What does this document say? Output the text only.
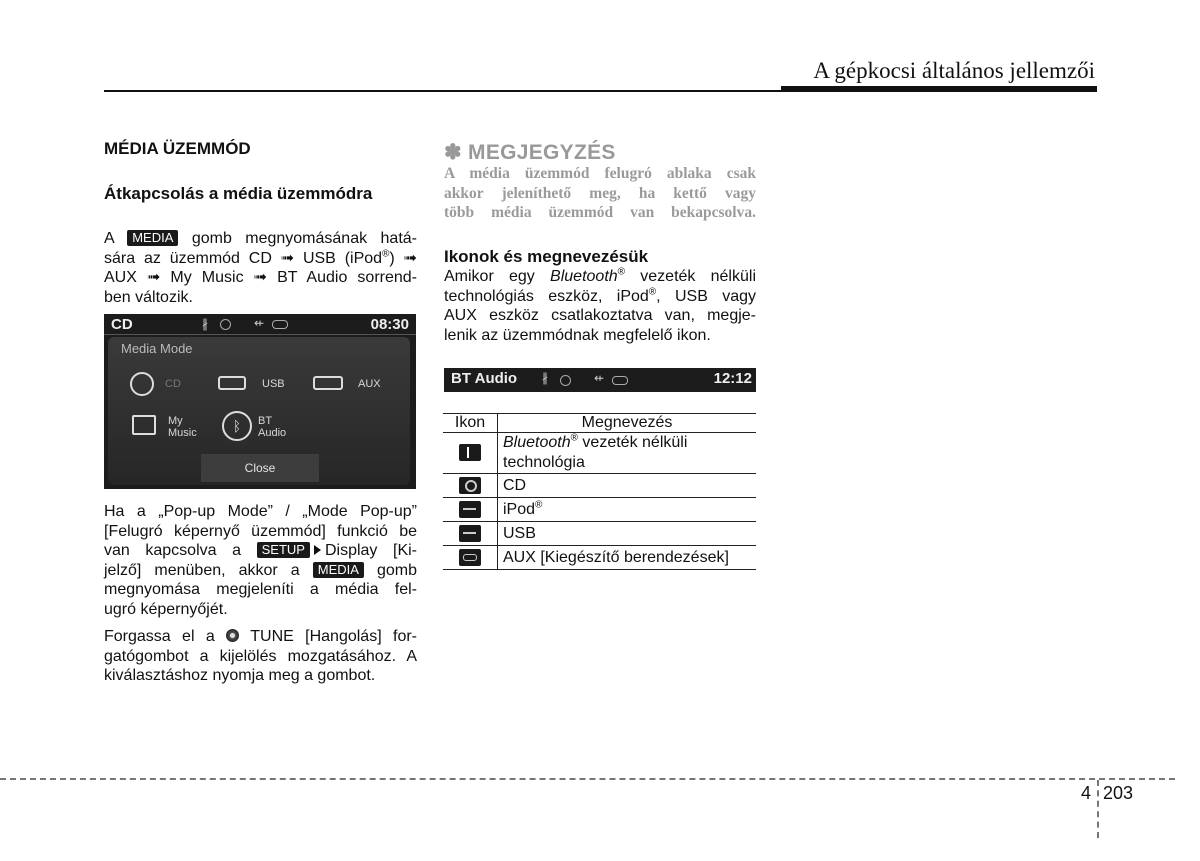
A gépkocsi általános jellemzői
MÉDIA ÜZEMMÓD
Átkapcsolás a média üzemmódra
A MEDIA gomb megnyomásának hatá-
sára az üzemmód CD ➟ USB (iPod®) ➟
AUX ➟ My Music ➟ BT Audio sorrend-
ben változik.
CD	∦	⇷	08:30
Media Mode
CD	USB	AUX
My
Music	ᛒ	BT
Audio
Close
Ha a „Pop-up Mode” / „Mode Pop-up”
[Felugró képernyő üzemmód] funkció be
van kapcsolva a SETUP Display [Ki-
jelző] menüben, akkor a MEDIA gomb
megnyomása megjeleníti a média fel-
ugró képernyőjét.
Forgassa el a TUNE [Hangolás] for-
gatógombot a kijelölés mozgatásához. A
kiválasztáshoz nyomja meg a gombot.
✽ MEGJEGYZÉS
A média üzemmód felugró ablaka csak
akkor jeleníthető meg, ha kettő vagy
több média üzemmód van bekapcsolva.
Ikonok és megnevezésük
Amikor egy Bluetooth® vezeték nélküli
technológiás eszköz, iPod®, USB vagy
AUX eszköz csatlakoztatva van, megje-
lenik az üzemmódnak megfelelő ikon.
BT Audio ∦	⇷	12:12
Ikon	Megnevezés

	Bluetooth® vezeték nélküli
technológia

	CD

	iPod®

	USB

	AUX [Kiegészítő berendezések]
4 203
